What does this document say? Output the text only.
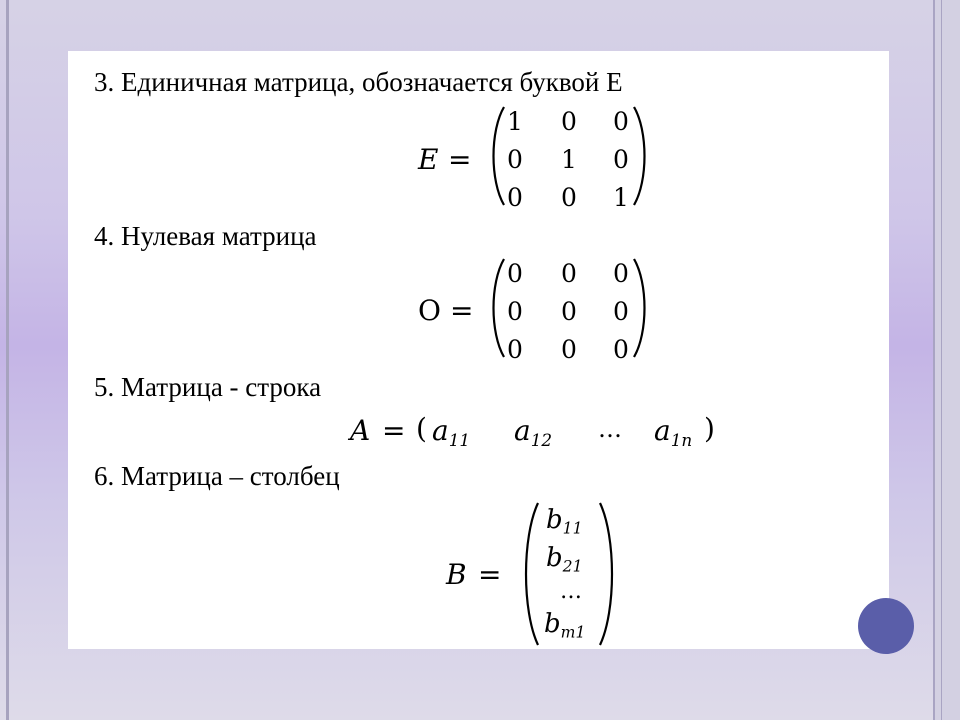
3. Единичная матрица, обозначается буквой Е
E =
1 0 0
0 1 0
0 0 1
4. Нулевая матрица
O =
0 0 0
0 0 0
0 0 0
5. Матрица - строка
A = ( $a_{11}$ $a_{12}$ … $a_{1n}$ )
6. Матрица – столбец
B =
$b_{11}$
$b_{21}$
…
$b_{m1}$
